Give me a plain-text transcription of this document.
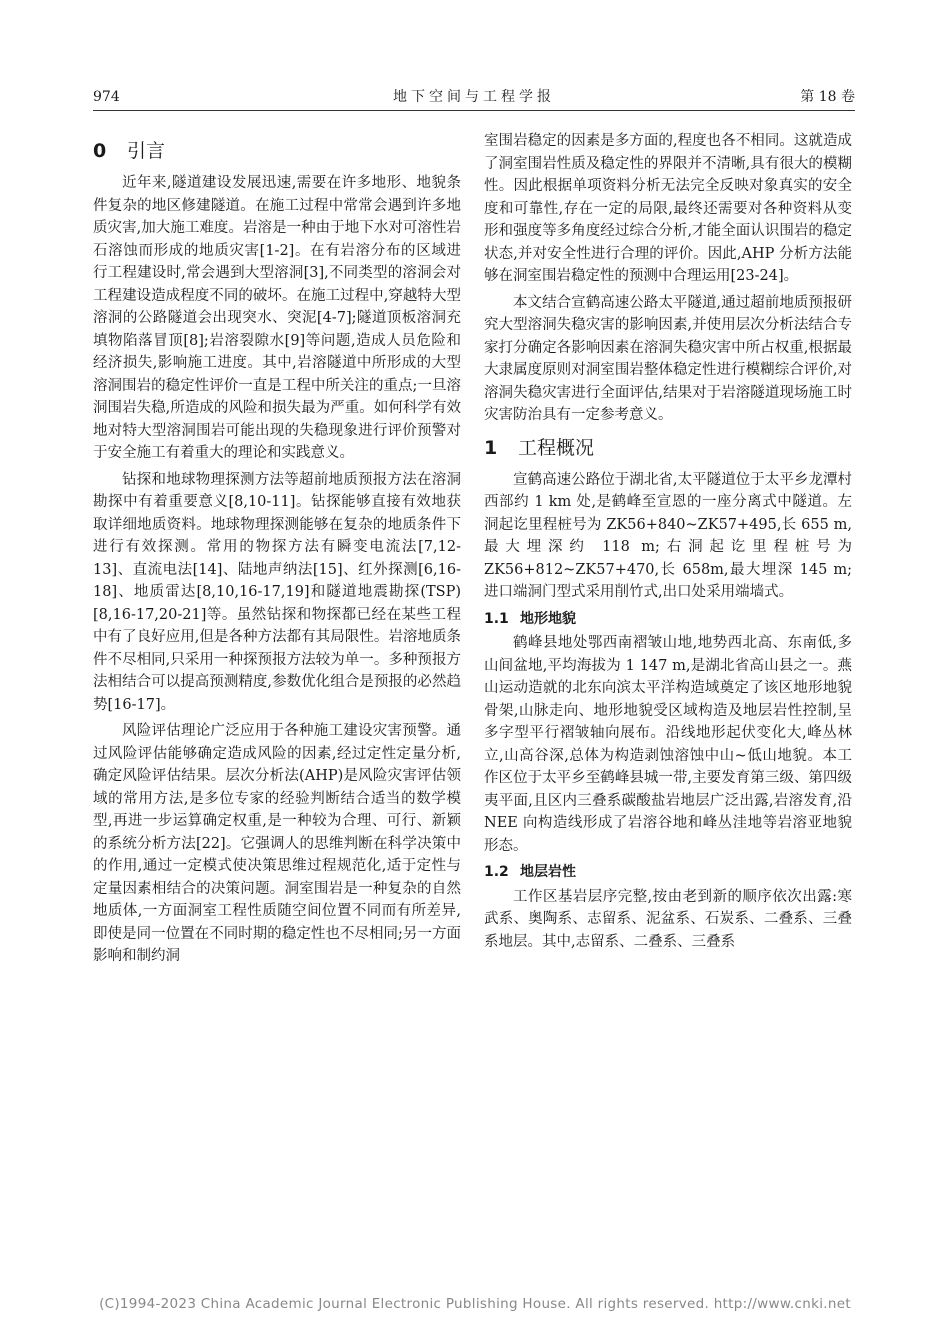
974	地下空间与工程学报	第 18 卷
0 引言

近年来,隧道建设发展迅速,需要在许多地形、地貌条件复杂的地区修建隧道。在施工过程中常常会遇到许多地质灾害,加大施工难度。岩溶是一种由于地下水对可溶性岩石溶蚀而形成的地质灾害[1-2]。在有岩溶分布的区域进行工程建设时,常会遇到大型溶洞[3],不同类型的溶洞会对工程建设造成程度不同的破坏。在施工过程中,穿越特大型溶洞的公路隧道会出现突水、突泥[4-7];隧道顶板溶洞充填物陷落冒顶[8];岩溶裂隙水[9]等问题,造成人员危险和经济损失,影响施工进度。其中,岩溶隧道中所形成的大型溶洞围岩的稳定性评价一直是工程中所关注的重点;一旦溶洞围岩失稳,所造成的风险和损失最为严重。如何科学有效地对特大型溶洞围岩可能出现的失稳现象进行评价预警对于安全施工有着重大的理论和实践意义。

钻探和地球物理探测方法等超前地质预报方法在溶洞勘探中有着重要意义[8,10-11]。钻探能够直接有效地获取详细地质资料。地球物理探测能够在复杂的地质条件下进行有效探测。常用的物探方法有瞬变电流法[7,12-13]、直流电法[14]、陆地声纳法[15]、红外探测[6,16-18]、地质雷达[8,10,16-17,19]和隧道地震勘探(TSP)[8,16-17,20-21]等。虽然钻探和物探都已经在某些工程中有了良好应用,但是各种方法都有其局限性。岩溶地质条件不尽相同,只采用一种探预报方法较为单一。多种预报方法相结合可以提高预测精度,参数优化组合是预报的必然趋势[16-17]。

风险评估理论广泛应用于各种施工建设灾害预警。通过风险评估能够确定造成风险的因素,经过定性定量分析,确定风险评估结果。层次分析法(AHP)是风险灾害评估领域的常用方法,是多位专家的经验判断结合适当的数学模型,再进一步运算确定权重,是一种较为合理、可行、新颖的系统分析方法[22]。它强调人的思维判断在科学决策中的作用,通过一定模式使决策思维过程规范化,适于定性与定量因素相结合的决策问题。洞室围岩是一种复杂的自然地质体,一方面洞室工程性质随空间位置不同而有所差异,即使是同一位置在不同时期的稳定性也不尽相同;另一方面影响和制约洞

室围岩稳定的因素是多方面的,程度也各不相同。这就造成了洞室围岩性质及稳定性的界限并不清晰,具有很大的模糊性。因此根据单项资料分析无法完全反映对象真实的安全度和可靠性,存在一定的局限,最终还需要对各种资料从变形和强度等多角度经过综合分析,才能全面认识围岩的稳定状态,并对安全性进行合理的评价。因此,AHP 分析方法能够在洞室围岩稳定性的预测中合理运用[23-24]。

本文结合宣鹤高速公路太平隧道,通过超前地质预报研究大型溶洞失稳灾害的影响因素,并使用层次分析法结合专家打分确定各影响因素在溶洞失稳灾害中所占权重,根据最大隶属度原则对洞室围岩整体稳定性进行模糊综合评价,对溶洞失稳灾害进行全面评估,结果对于岩溶隧道现场施工时灾害防治具有一定参考意义。

1 工程概况

宣鹤高速公路位于湖北省,太平隧道位于太平乡龙潭村西部约 1 km 处,是鹤峰至宣恩的一座分离式中隧道。左洞起讫里程桩号为 ZK56+840~ZK57+495,长 655 m,最大埋深约 118 m;右洞起讫里程桩号为 ZK56+812~ZK57+470,长 658m,最大埋深 145 m;进口端洞门型式采用削竹式,出口处采用端墙式。

1.1 地形地貌

鹤峰县地处鄂西南褶皱山地,地势西北高、东南低,多山间盆地,平均海拔为 1 147 m,是湖北省高山县之一。燕山运动造就的北东向滨太平洋构造域奠定了该区地形地貌骨架,山脉走向、地形地貌受区域构造及地层岩性控制,呈多字型平行褶皱轴向展布。沿线地形起伏变化大,峰丛林立,山高谷深,总体为构造剥蚀溶蚀中山~低山地貌。本工作区位于太平乡至鹤峰县城一带,主要发育第三级、第四级夷平面,且区内三叠系碳酸盐岩地层广泛出露,岩溶发育,沿 NEE 向构造线形成了岩溶谷地和峰丛洼地等岩溶亚地貌形态。

1.2 地层岩性

工作区基岩层序完整,按由老到新的顺序依次出露:寒武系、奥陶系、志留系、泥盆系、石炭系、二叠系、三叠系地层。其中,志留系、二叠系、三叠系

(C)1994-2023 China Academic Journal Electronic Publishing House. All rights reserved. http://www.cnki.net
